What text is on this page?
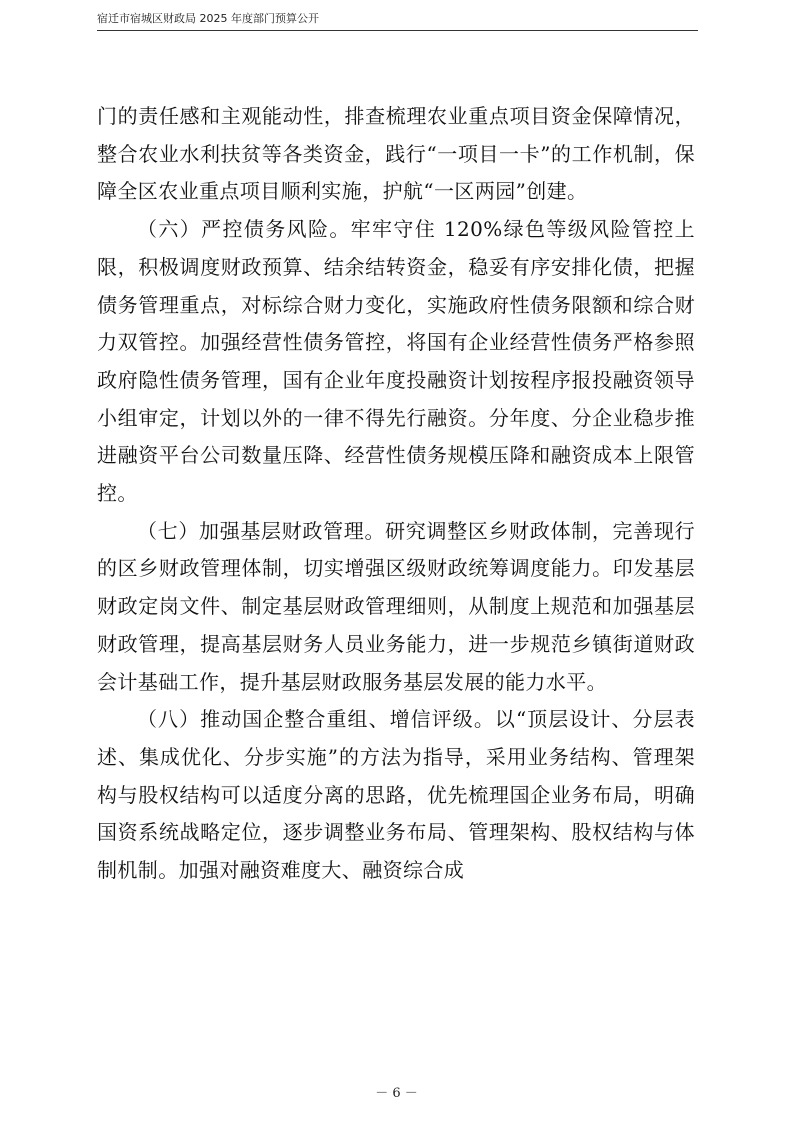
宿迁市宿城区财政局 2025 年度部门预算公开

门的责任感和主观能动性，排查梳理农业重点项目资金保障情况，整合农业水利扶贫等各类资金，践行“一项目一卡”的工作机制，保障全区农业重点项目顺利实施，护航“一区两园”创建。

（六）严控债务风险。牢牢守住 120%绿色等级风险管控上限，积极调度财政预算、结余结转资金，稳妥有序安排化债，把握债务管理重点，对标综合财力变化，实施政府性债务限额和综合财力双管控。加强经营性债务管控，将国有企业经营性债务严格参照政府隐性债务管理，国有企业年度投融资计划按程序报投融资领导小组审定，计划以外的一律不得先行融资。分年度、分企业稳步推进融资平台公司数量压降、经营性债务规模压降和融资成本上限管控。

（七）加强基层财政管理。研究调整区乡财政体制，完善现行的区乡财政管理体制，切实增强区级财政统筹调度能力。印发基层财政定岗文件、制定基层财政管理细则，从制度上规范和加强基层财政管理，提高基层财务人员业务能力，进一步规范乡镇街道财政会计基础工作，提升基层财政服务基层发展的能力水平。

（八）推动国企整合重组、增信评级。以“顶层设计、分层表述、集成优化、分步实施”的方法为指导，采用业务结构、管理架构与股权结构可以适度分离的思路，优先梳理国企业务布局，明确国资系统战略定位，逐步调整业务布局、管理架构、股权结构与体制机制。加强对融资难度大、融资综合成

－ 6 －
